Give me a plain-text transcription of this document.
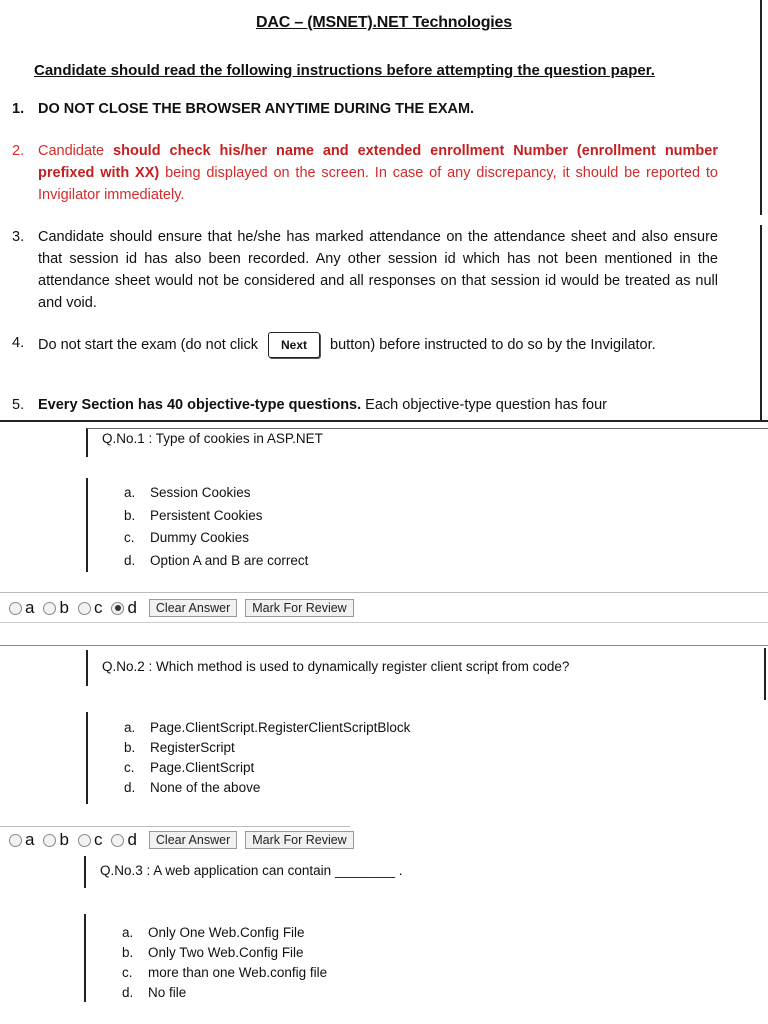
DAC – (MSNET).NET Technologies
Candidate should read the following instructions before attempting the question paper.
1. DO NOT CLOSE THE BROWSER ANYTIME DURING THE EXAM.
2. Candidate should check his/her name and extended enrollment Number (enrollment number prefixed with XX) being displayed on the screen. In case of any discrepancy, it should be reported to Invigilator immediately.
3. Candidate should ensure that he/she has marked attendance on the attendance sheet and also ensure that session id has also been recorded. Any other session id which has not been mentioned in the attendance sheet would not be considered and all responses on that session id would be treated as null and void.
4. Do not start the exam (do not click Next button) before instructed to do so by the Invigilator.
5. Every Section has 40 objective-type questions. Each objective-type question has four
Q.No.1 : Type of cookies in ASP.NET
a. Session Cookies
b. Persistent Cookies
c. Dummy Cookies
d. Option A and B are correct
a b c d	Clear Answer	Mark For Review
Q.No.2 : Which method is used to dynamically register client script from code?
a. Page.ClientScript.RegisterClientScriptBlock
b. RegisterScript
c. Page.ClientScript
d. None of the above
a b c d	Clear Answer	Mark For Review
Q.No.3 : A web application can contain ________ .
a. Only One Web.Config File
b. Only Two Web.Config File
c. more than one Web.config file
d. No file
